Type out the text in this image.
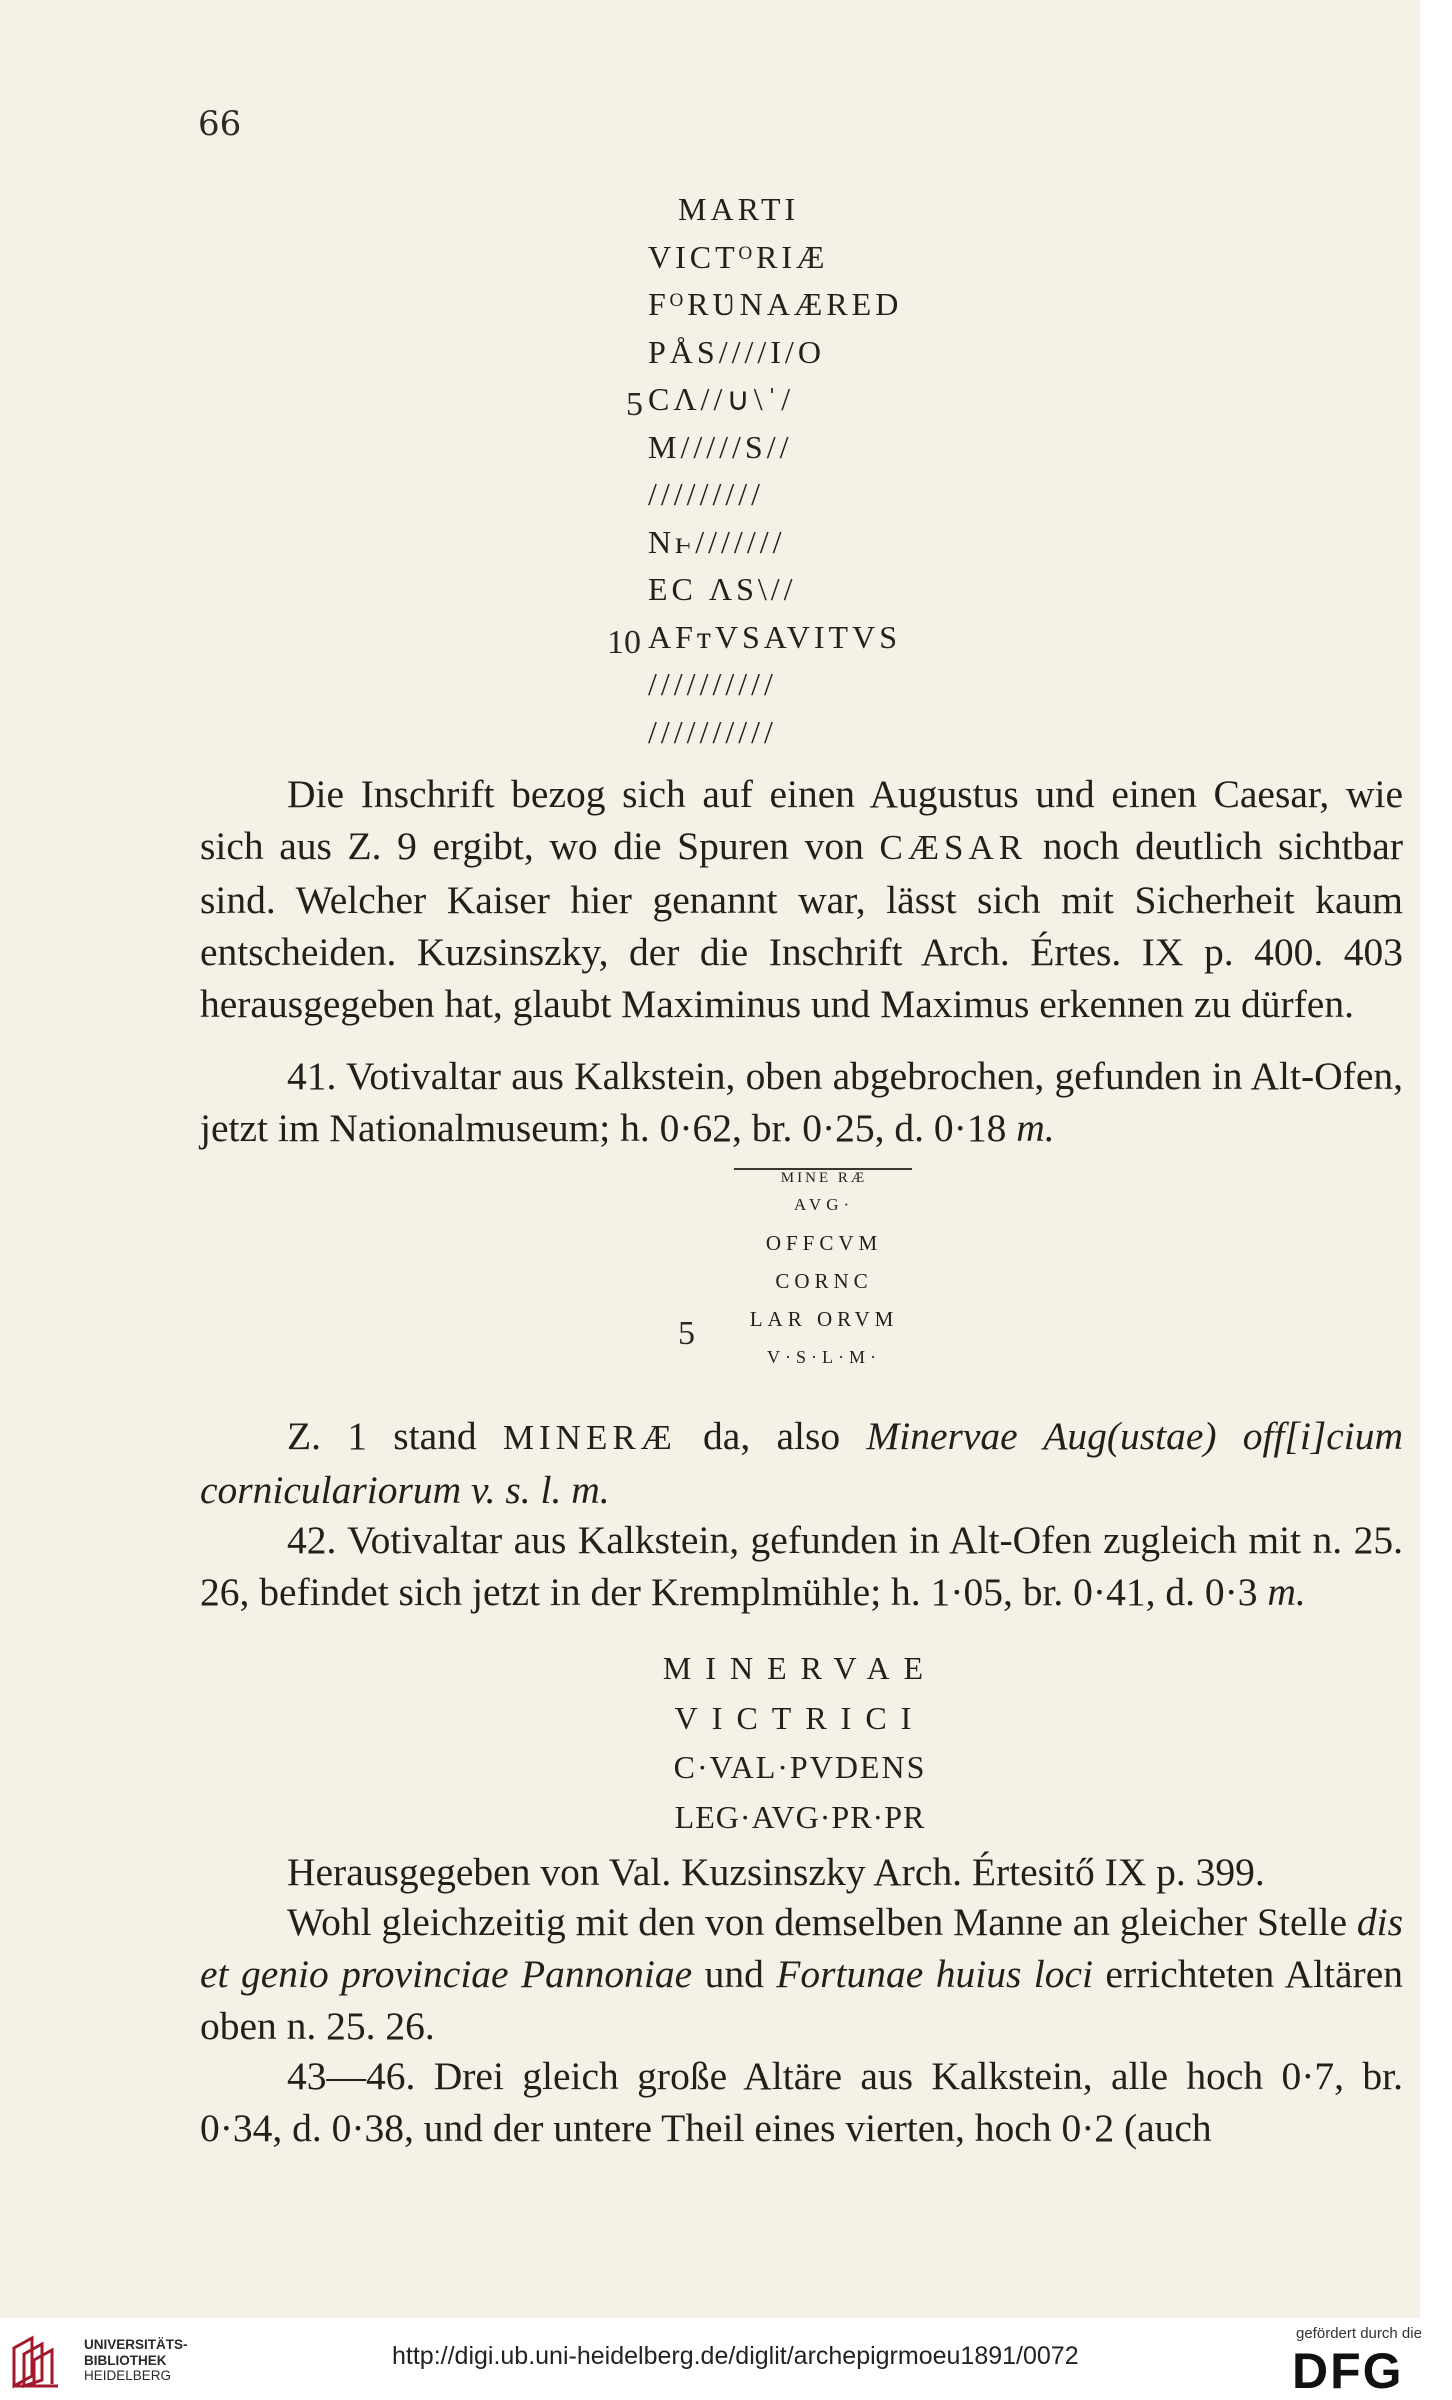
66
MARTI
VICTᴼRIÆ
FᴼRƲNAÆRED
PÅS////I/O
CΛ//∪\ˈ/
M/////S//
/////////
Nⱶ///////
EC ΛS\//
AFᴛVSAVITVS
//////////
//////////
5
10

Die Inschrift bezog sich auf einen Augustus und einen Caesar, wie sich aus Z. 9 ergibt, wo die Spuren von CÆSAR noch deutlich sichtbar sind. Welcher Kaiser hier genannt war, lässt sich mit Sicherheit kaum entscheiden. Kuzsinszky, der die Inschrift Arch. Értes. IX p. 400. 403 herausgegeben hat, glaubt Maximinus und Maximus erkennen zu dürfen.

41. Votivaltar aus Kalkstein, oben abgebrochen, gefunden in Alt-Ofen, jetzt im Nationalmuseum; h. 0·62, br. 0·25, d. 0·18 m.

MINE RÆ
AVG·
OFFϹVM
CORNϹ
LAR ORVM
V·S·L·M·
5

Z. 1 stand MINERÆ da, also Minervae Aug(ustae) off[i]cium corniculariorum v. s. l. m.

42. Votivaltar aus Kalkstein, gefunden in Alt-Ofen zugleich mit n. 25. 26, befindet sich jetzt in der Kremplmühle; h. 1·05, br. 0·41, d. 0·3 m.

MINERVAE
VICTRICI
C·VAL·PVDENS
LEG·AVG·PR·PR

Herausgegeben von Val. Kuzsinszky Arch. Értesitő IX p. 399.

Wohl gleichzeitig mit den von demselben Manne an gleicher Stelle dis et genio provinciae Pannoniae und Fortunae huius loci errichteten Altären oben n. 25. 26.

43—46. Drei gleich große Altäre aus Kalkstein, alle hoch 0·7, br. 0·34, d. 0·38, und der untere Theil eines vierten, hoch 0·2 (auch

UNIVERSITÄTS-
BIBLIOTHEK
HEIDELBERG
http://digi.ub.uni-heidelberg.de/diglit/archepigrmoeu1891/0072
gefördert durch die
DFG
